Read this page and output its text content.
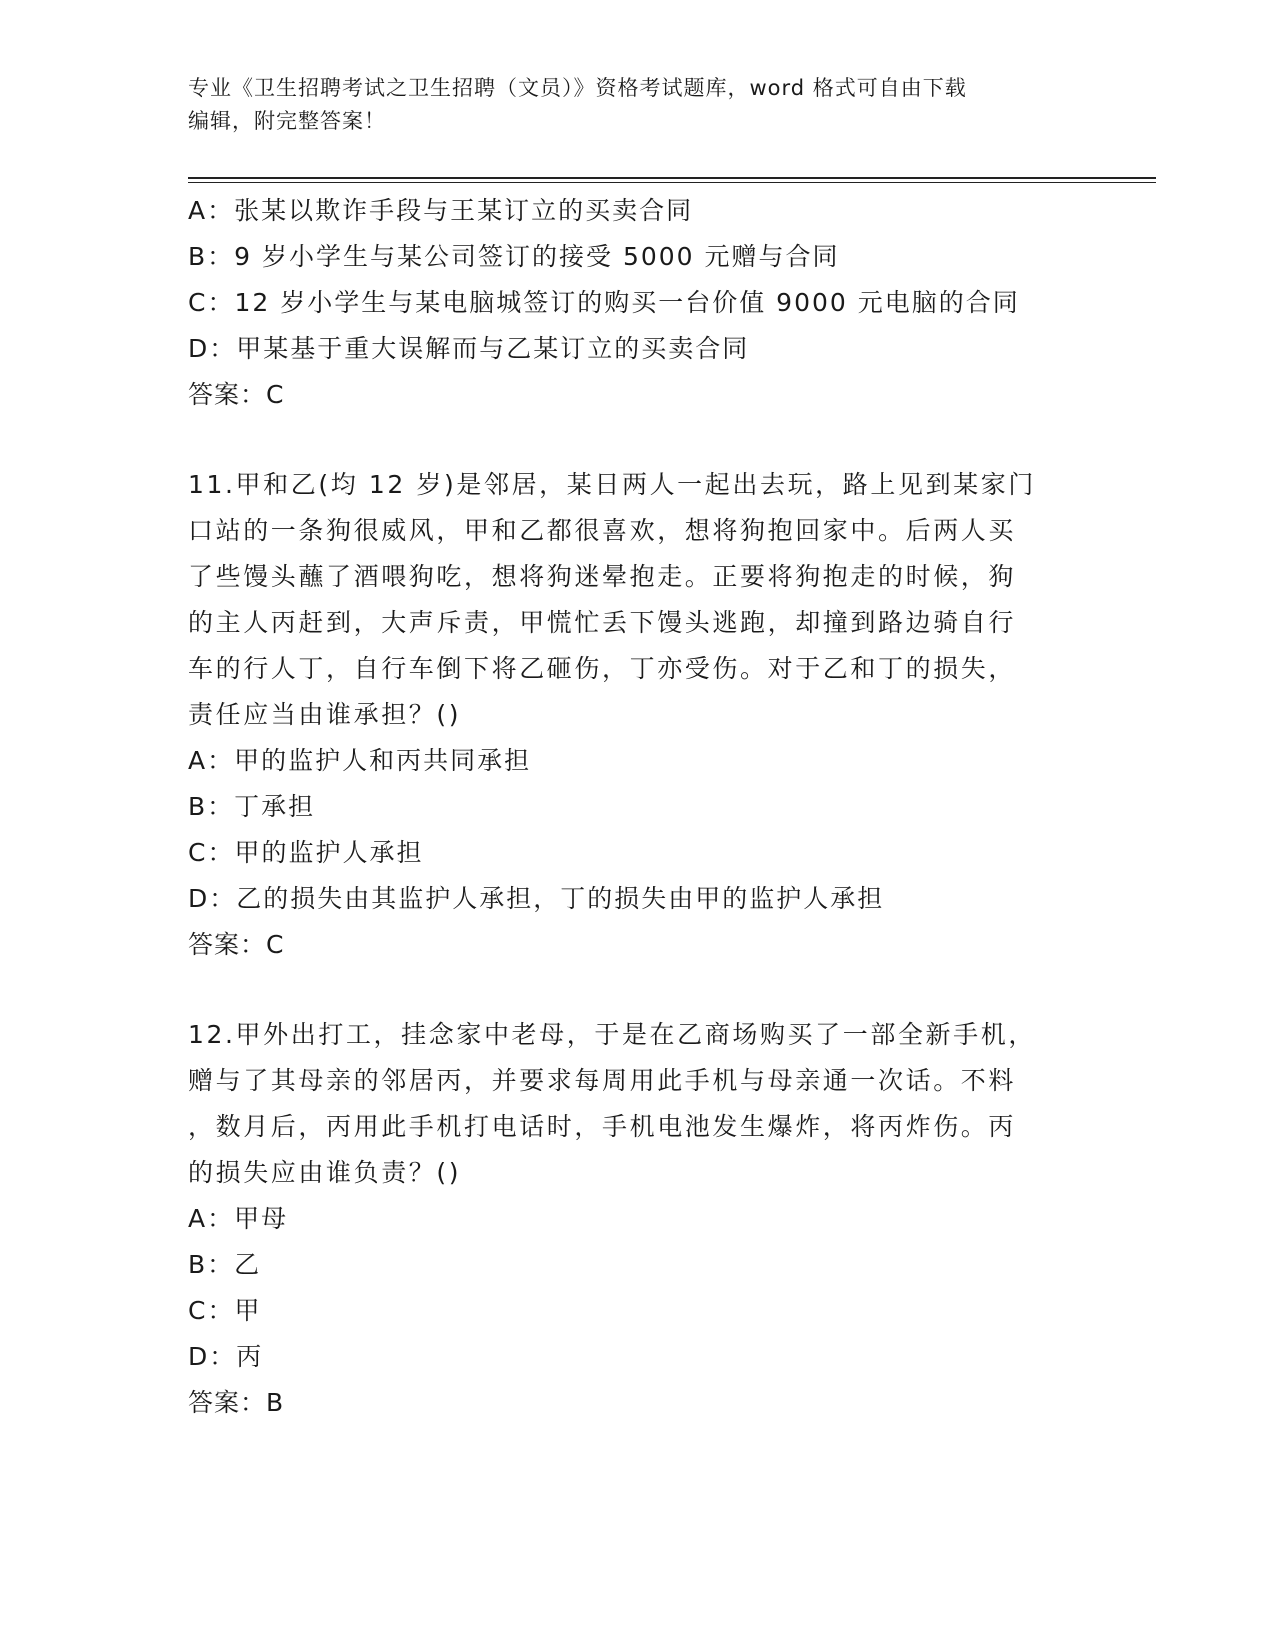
专业《卫生招聘考试之卫生招聘（文员）》资格考试题库，word 格式可自由下载
编辑，附完整答案！
A：张某以欺诈手段与王某订立的买卖合同
B：9 岁小学生与某公司签订的接受 5000 元赠与合同
C：12 岁小学生与某电脑城签订的购买一台价值 9000 元电脑的合同
D：甲某基于重大误解而与乙某订立的买卖合同
答案：C
11.甲和乙(均 12 岁)是邻居，某日两人一起出去玩，路上见到某家门
口站的一条狗很威风，甲和乙都很喜欢，想将狗抱回家中。后两人买
了些馒头蘸了酒喂狗吃，想将狗迷晕抱走。正要将狗抱走的时候，狗
的主人丙赶到，大声斥责，甲慌忙丢下馒头逃跑，却撞到路边骑自行
车的行人丁，自行车倒下将乙砸伤，丁亦受伤。对于乙和丁的损失，
责任应当由谁承担？()
A：甲的监护人和丙共同承担
B：丁承担
C：甲的监护人承担
D：乙的损失由其监护人承担，丁的损失由甲的监护人承担
答案：C
12.甲外出打工，挂念家中老母，于是在乙商场购买了一部全新手机，
赠与了其母亲的邻居丙，并要求每周用此手机与母亲通一次话。不料
，数月后，丙用此手机打电话时，手机电池发生爆炸，将丙炸伤。丙
的损失应由谁负责？()
A：甲母
B：乙
C：甲
D：丙
答案：B
